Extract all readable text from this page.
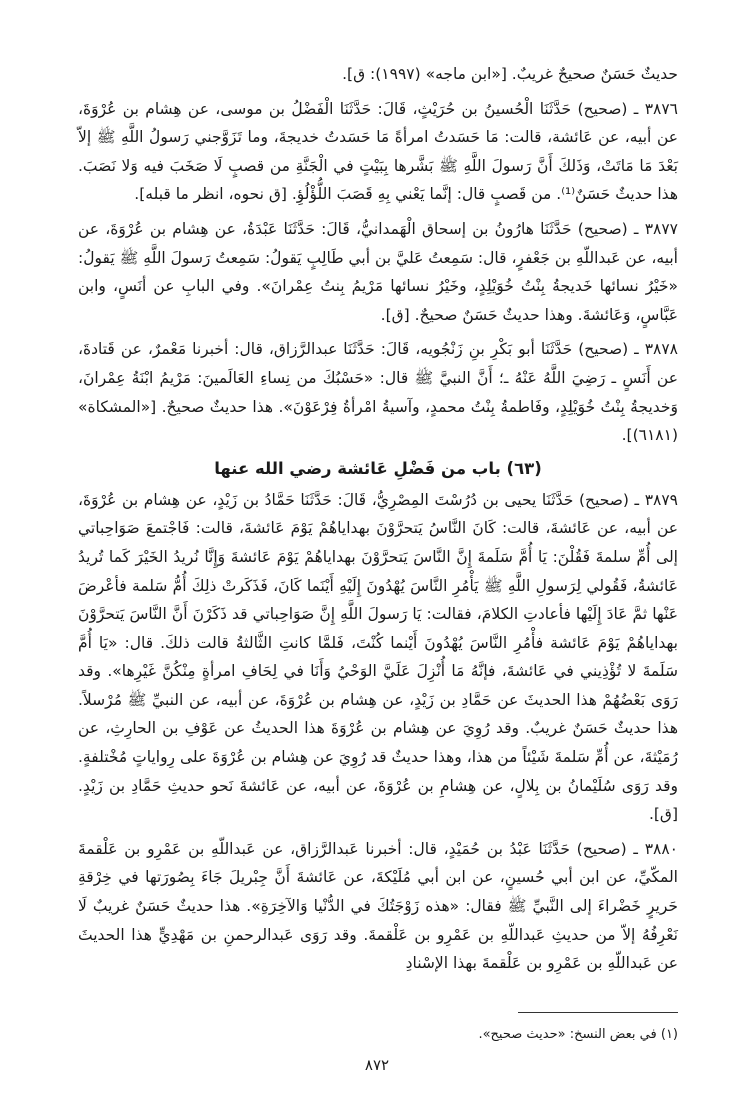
حديثٌ حَسَنٌ صحيحٌ غريبٌ. [«ابن ماجه» (١٩٩٧): ق].

٣٨٧٦ ـ (صحيح) حَدَّثَنَا الْحُسينُ بن حُرَيْثٍ، قَالَ: حَدَّثَنَا الْفَضْلُ بن موسى، عن هِشام بن عُرْوَةَ، عن أبيه، عن عَائشة، قالت: مَا حَسَدتُ امرأةً مَا حَسَدتُ خديجةَ، وما تَزَوَّجني رَسولُ اللَّهِ ﷺ إلاّ بَعْدَ مَا مَاتَتْ، وَذَلكَ أَنَّ رَسولَ اللَّهِ ﷺ بَشَّرها بِبَيْتٍ في الْجَنَّةِ من قصبٍ لَا صَخَبَ فيه وَلا نَصَبَ. هذا حديثٌ حَسَنٌ⁽¹⁾. من قَصبٍ قال: إنَّما يَعْني بِهِ قَصَبَ اللُّؤْلُؤِ. [ق نحوه، انظر ما قبله].

٣٨٧٧ ـ (صحيح) حَدَّثَنَا هارُونُ بن إسحاق الْهَمدانيُّ، قَالَ: حَدَّثَنَا عَبْدَةُ، عن هِشام بن عُرْوَةَ، عن أبيه، عن عَبداللّهِ بن جَعْفرٍ، قال: سَمِعتُ عَليَّ بن أبي طَالِبٍ يَقولُ: سَمِعتُ رَسولَ اللَّهِ ﷺ يَقولُ: «خَيْرُ نسائها خَديجةُ بِنْتُ خُوَيْلِدٍ، وخَيْرُ نسائها مَرْيمُ بِنتُ عِمْرانَ». وفي البابِ عن أنَسٍ، وابن عَبَّاسٍ، وَعَائشةَ. وهذا حديثٌ حَسَنٌ صحيحٌ. [ق].

٣٨٧٨ ـ (صحيح) حَدَّثَنَا أبو بَكْرِ بنِ زَنْجُويه، قَالَ: حَدَّثَنَا عبدالرَّزاق، قال: أخبرنا مَعْمرٌ، عن قَتادةَ، عن أَنَسٍ ـ رَضِيَ اللَّهُ عَنْهُ ـ؛ أَنَّ النبيَّ ﷺ قال: «حَسْبُكَ من نِساءِ العَالَمينَ: مَرْيمُ ابْنَةُ عِمْرانَ، وَخديجةُ بِنْتُ خُوَيْلِدٍ، وفَاطمةُ بِنْتُ محمدٍ، وآسيةُ امْرأةُ فِرْعَوْنَ». هذا حديثٌ صحيحٌ. [«المشكاة» (٦١٨١)].

(٦٣) باب من فَضْلِ عَائشة رضي الله عنها

٣٨٧٩ ـ (صحيح) حَدَّثَنَا يحيى بن دُرُسْتَ المِصْرِيُّ، قَالَ: حَدَّثَنَا حَمَّادُ بن زَيْدٍ، عن هِشام بن عُرْوَةَ، عن أبيه، عن عَائشةَ، قالت: كَانَ النَّاسُ يَتحرَّوْنَ بهداياهُمْ يَوْمَ عَائشةَ، قالت: فَاجْتمعَ صَوَاحِباتي إلى أُمِّ سلمةَ فَقُلْنَ: يَا أُمَّ سَلَمةَ إِنَّ النَّاسَ يَتحرَّوْنَ بهداياهُمْ يَوْمَ عَائشةَ وَإِنَّا نُريدُ الخَيْرَ كَما تُريدُ عَائشةُ، فَقُولي لِرَسولِ اللَّهِ ﷺ يَأْمُرِ النَّاسَ يُهْدُونَ إِلَيْهِ أَيْنَما كَانَ، فَذَكَرتْ ذلِكَ أُمُّ سَلمة فأعْرضَ عَنْها ثمَّ عَادَ إِلَيْها فأعادتِ الكلامَ، فقالت: يَا رَسولَ اللَّهِ إِنَّ صَوَاحِباتي قد ذَكَرْنَ أَنَّ النَّاسَ يَتحرَّوْنَ بهداياهُمْ يَوْمَ عَائشة فأْمُرِ النَّاسَ يُهْدُونَ أَيْنما كُنْتَ، فَلمَّا كانتِ الثَّالثةُ قالت ذلكَ. قال: «يَا أُمَّ سَلَمةَ لا تُؤْذِيني في عَائشةَ، فإنَّهُ مَا أُنْزِلَ عَلَيَّ الوَحْيُ وَأَنَا في لِحَافِ امرأةٍ مِنْكُنَّ غَيْرِها». وقد رَوَى بَعْضُهُمْ هذا الحديثَ عن حَمَّادِ بن زَيْدٍ، عن هِشام بن عُرْوَةَ، عن أبيه، عن النبيِّ ﷺ مُرْسلاً. هذا حديثٌ حَسَنٌ غريبٌ. وقد رُوِيَ عن هِشام بن عُرْوَةَ هذا الحديثُ عن عَوْفِ بن الحارِثِ، عن رُمَيْثةَ، عن أُمِّ سَلمةَ شَيْئاً من هذا، وهذا حديثٌ قد رُوِيَ عن هِشام بن عُرْوَةَ على رِواياتٍ مُخْتلفةٍ. وقد رَوَى سُلَيْمانُ بن بِلالٍ، عن هِشامِ بن عُرْوَةَ، عن أبيه، عن عَائشةَ نَحو حديثِ حَمَّادِ بن زَيْدٍ. [ق].

٣٨٨٠ ـ (صحيح) حَدَّثَنَا عَبْدُ بن حُمَيْدٍ، قال: أخبرنا عَبدالرَّزاق، عن عَبداللّهِ بن عَمْرِو بن عَلْقمةَ المكّيِّ، عن ابن أبي حُسينٍ، عن ابن أبي مُلَيْكةَ، عن عَائشةَ أَنَّ جِبْريلَ جَاءَ بِصُورَتها في خِرْقةِ حَريرٍ خَضْراءَ إلى النَّبيِّ ﷺ فقال: «هذه زَوْجَتُكَ في الدُّنْيا وَالآخِرَةِ». هذا حديثٌ حَسَنٌ غريبٌ لَا نَعْرِفُهُ إلاّ من حديثِ عَبداللّهِ بن عَمْرِو بن عَلْقمةَ. وقد رَوَى عَبدالرحمنِ بن مَهْدِيٍّ هذا الحديثَ عن عَبداللّهِ بن عَمْرِو بن عَلْقمةَ بهذا الإسْنادِ

(١) في بعض النسخ: «حديث صحيح».
٨٧٢
